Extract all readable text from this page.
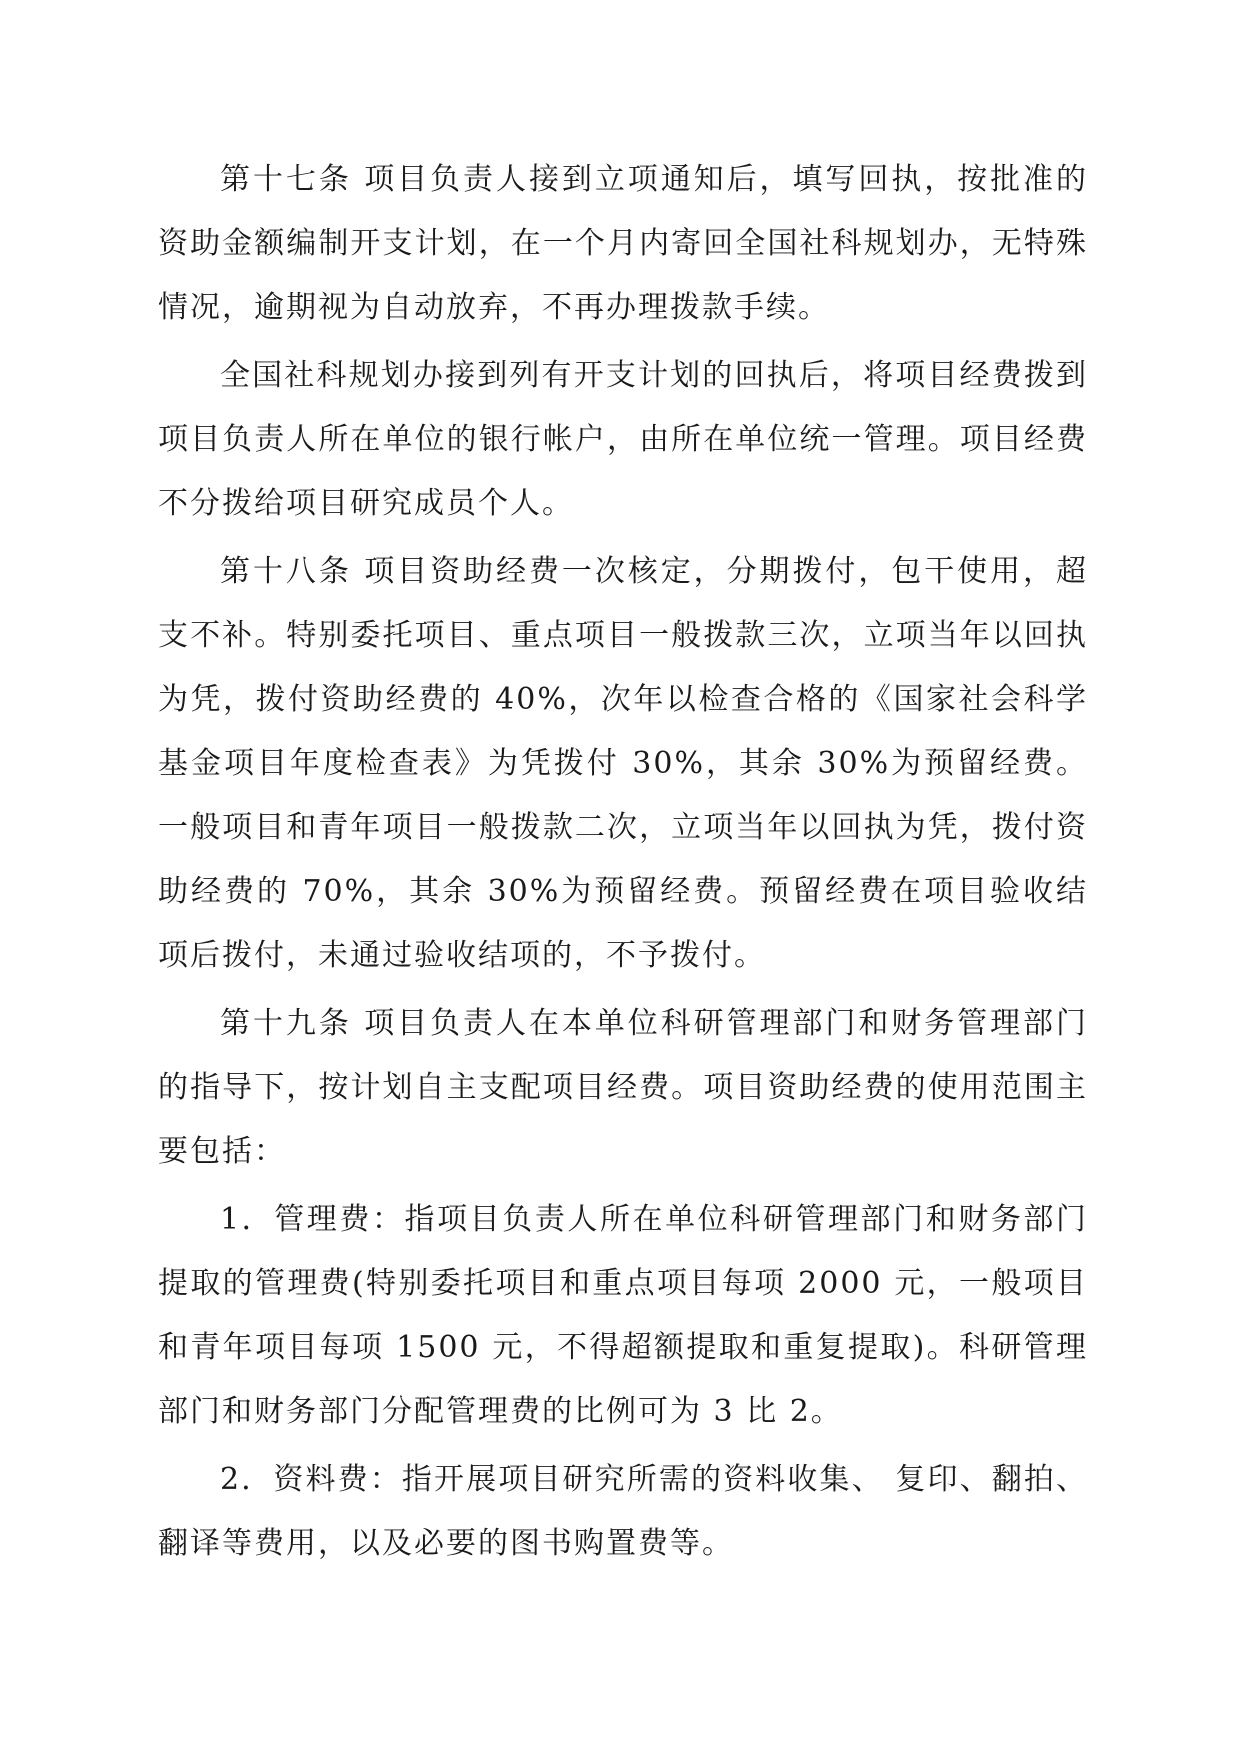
第十七条 项目负责人接到立项通知后，填写回执，按批准的资助金额编制开支计划，在一个月内寄回全国社科规划办，无特殊情况，逾期视为自动放弃，不再办理拨款手续。

全国社科规划办接到列有开支计划的回执后，将项目经费拨到项目负责人所在单位的银行帐户，由所在单位统一管理。项目经费不分拨给项目研究成员个人。

第十八条 项目资助经费一次核定，分期拨付，包干使用，超支不补。特别委托项目、重点项目一般拨款三次，立项当年以回执为凭，拨付资助经费的 40%，次年以检查合格的《国家社会科学基金项目年度检查表》为凭拨付 30%，其余 30%为预留经费。一般项目和青年项目一般拨款二次，立项当年以回执为凭，拨付资助经费的 70%，其余 30%为预留经费。预留经费在项目验收结项后拨付，未通过验收结项的，不予拨付。

第十九条 项目负责人在本单位科研管理部门和财务管理部门的指导下，按计划自主支配项目经费。项目资助经费的使用范围主要包括：

1．管理费：指项目负责人所在单位科研管理部门和财务部门提取的管理费(特别委托项目和重点项目每项 2000 元，一般项目和青年项目每项 1500 元，不得超额提取和重复提取)。科研管理部门和财务部门分配管理费的比例可为 3 比 2。

2．资料费：指开展项目研究所需的资料收集、 复印、翻拍、翻译等费用，以及必要的图书购置费等。
